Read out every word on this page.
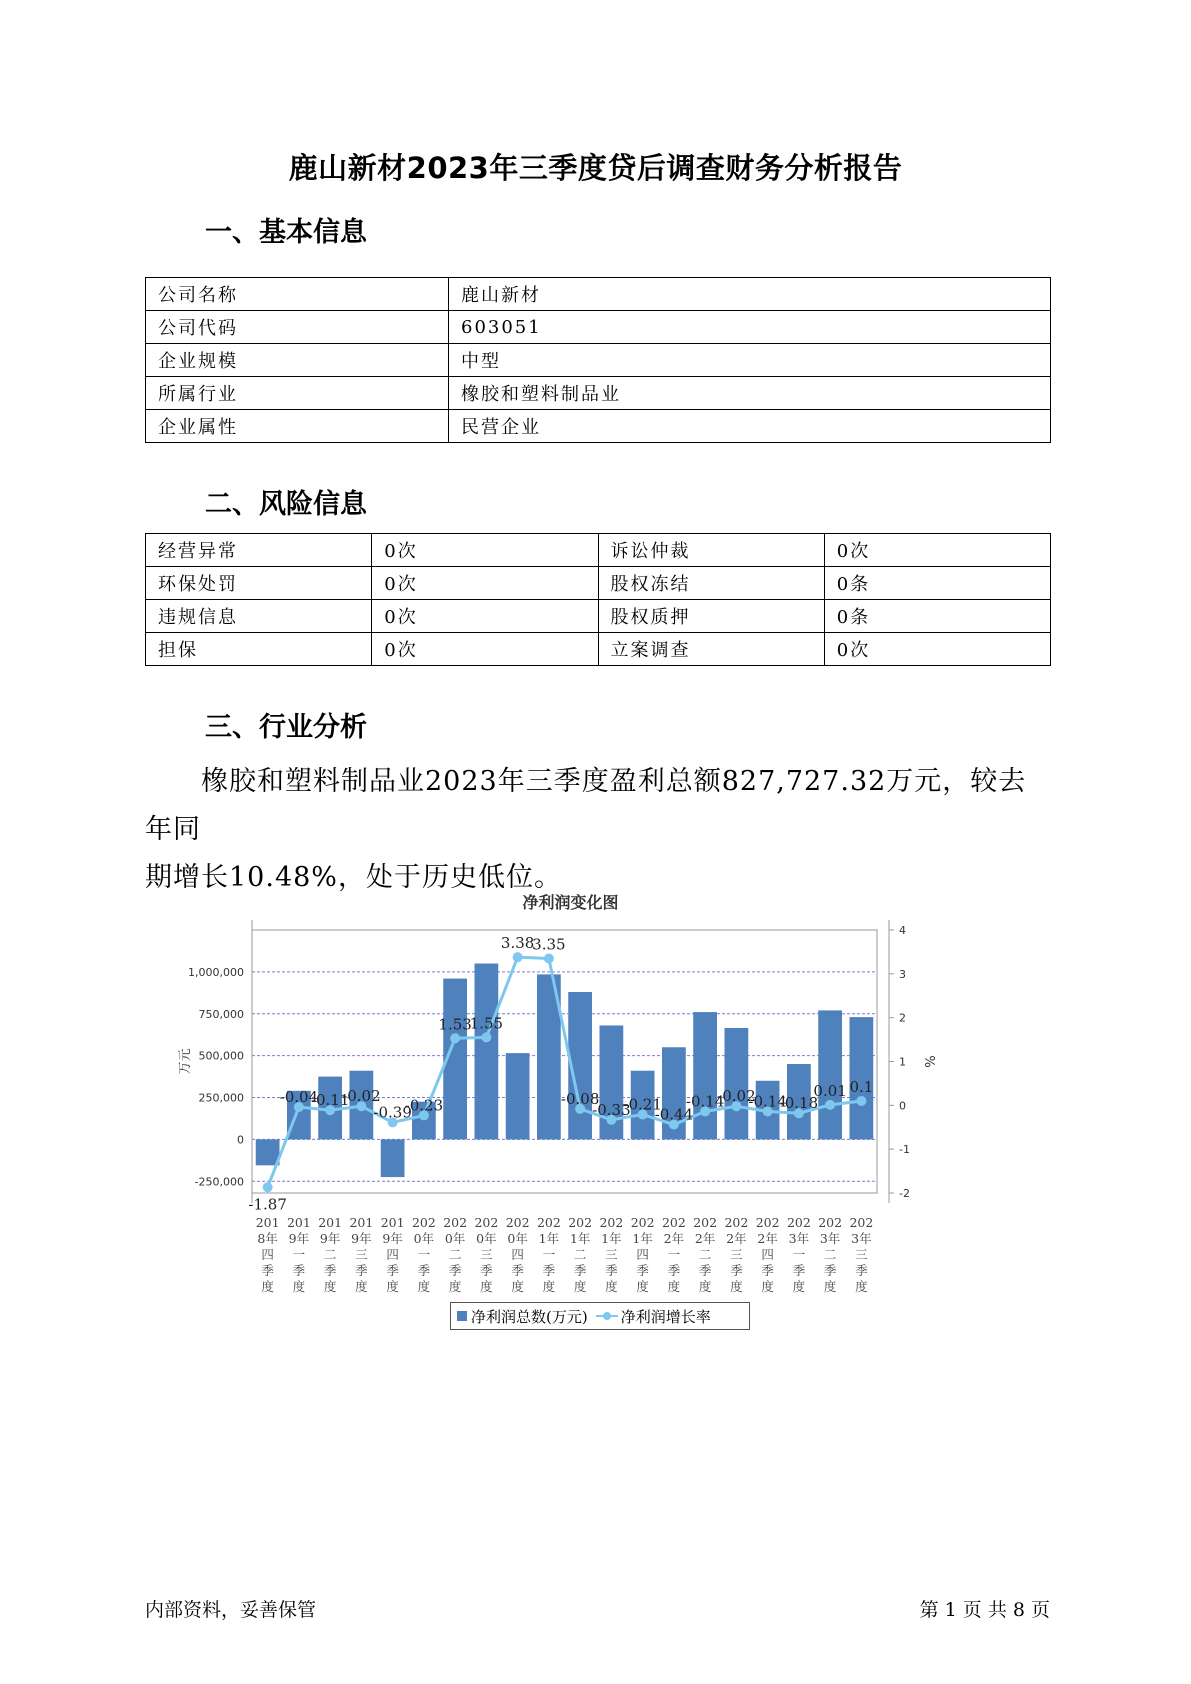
鹿山新材2023年三季度贷后调查财务分析报告
一、基本信息
公司名称	鹿山新材
公司代码	603051
企业规模	中型
所属行业	橡胶和塑料制品业
企业属性	民营企业
二、风险信息
经营异常	0次	诉讼仲裁	0次
环保处罚	0次	股权冻结	0条
违规信息	0次	股权质押	0条
担保	0次	立案调查	0次
三、行业分析
橡胶和塑料制品业2023年三季度盈利总额827,727.32万元，较去年同
期增长10.48%，处于历史低位。
净利润变化图
-250,000
0
250,000
500,000
750,000
1,000,000
-2
-1
0
1
2
3
4
万元	%
-1.87
-0.04
-0.11
-0.02
-0.39
-0.23
1.53
1.55
3.38
3.35
-0.08
-0.33
-0.21
-0.44
-0.14
-0.02
-0.14
-0.18
0.01 0.1
201
8年
四
季
度
201
9年
一
季
度
201
9年
二
季
度
201
9年
三
季
度
201
9年
四
季
度
202
0年
一
季
度
202
0年
二
季
度
202
0年
三
季
度
202
0年
四
季
度
202
1年
一
季
度
202
1年
二
季
度
202
1年
三
季
度
202
1年
四
季
度
202
2年
一
季
度
202
2年
二
季
度
202
2年
三
季
度
202
2年
四
季
度
202
3年
一
季
度
202
3年
二
季
度
202
3年
三
季
度
净利润总数(万元) 净利润增长率
内部资料，妥善保管	第 1 页 共 8 页
